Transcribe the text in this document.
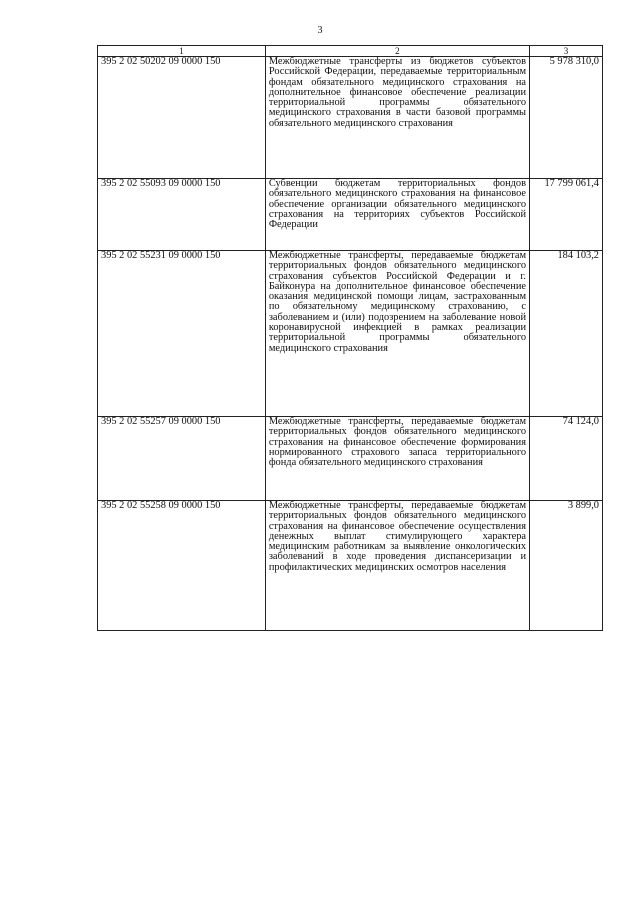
3
1	2	3
395 2 02 50202 09 0000 150	Межбюджетные трансферты из бюджетов субъектов Российской Федерации, передаваемые территориальным фондам обязательного медицинского страхования на дополнительное финансовое обеспечение реализации территориальной программы обязательного медицинского страхования в части базовой программы обязательного медицинского страхования	5 978 310,0
395 2 02 55093 09 0000 150	Субвенции бюджетам территориальных фондов обязательного медицинского страхования на финансовое обеспечение организации обязательного медицинского страхования на территориях субъектов Российской Федерации	17 799 061,4
395 2 02 55231 09 0000 150	Межбюджетные трансферты, передаваемые бюджетам территориальных фондов обязательного медицинского страхования субъектов Российской Федерации и г. Байконура на дополнительное финансовое обеспечение оказания медицинской помощи лицам, застрахованным по обязательному медицинскому страхованию, с заболеванием и (или) подозрением на заболевание новой коронавирусной инфекцией в рамках реализации территориальной программы обязательного медицинского страхования	184 103,2
395 2 02 55257 09 0000 150	Межбюджетные трансферты, передаваемые бюджетам территориальных фондов обязательного медицинского страхования на финансовое обеспечение формирования нормированного страхового запаса территориального фонда обязательного медицинского страхования	74 124,0
395 2 02 55258 09 0000 150	Межбюджетные трансферты, передаваемые бюджетам территориальных фондов обязательного медицинского страхования на финансовое обеспечение осуществления денежных выплат стимулирующего характера медицинским работникам за выявление онкологических заболеваний в ходе проведения диспансеризации и профилактических медицинских осмотров населения	3 899,0
